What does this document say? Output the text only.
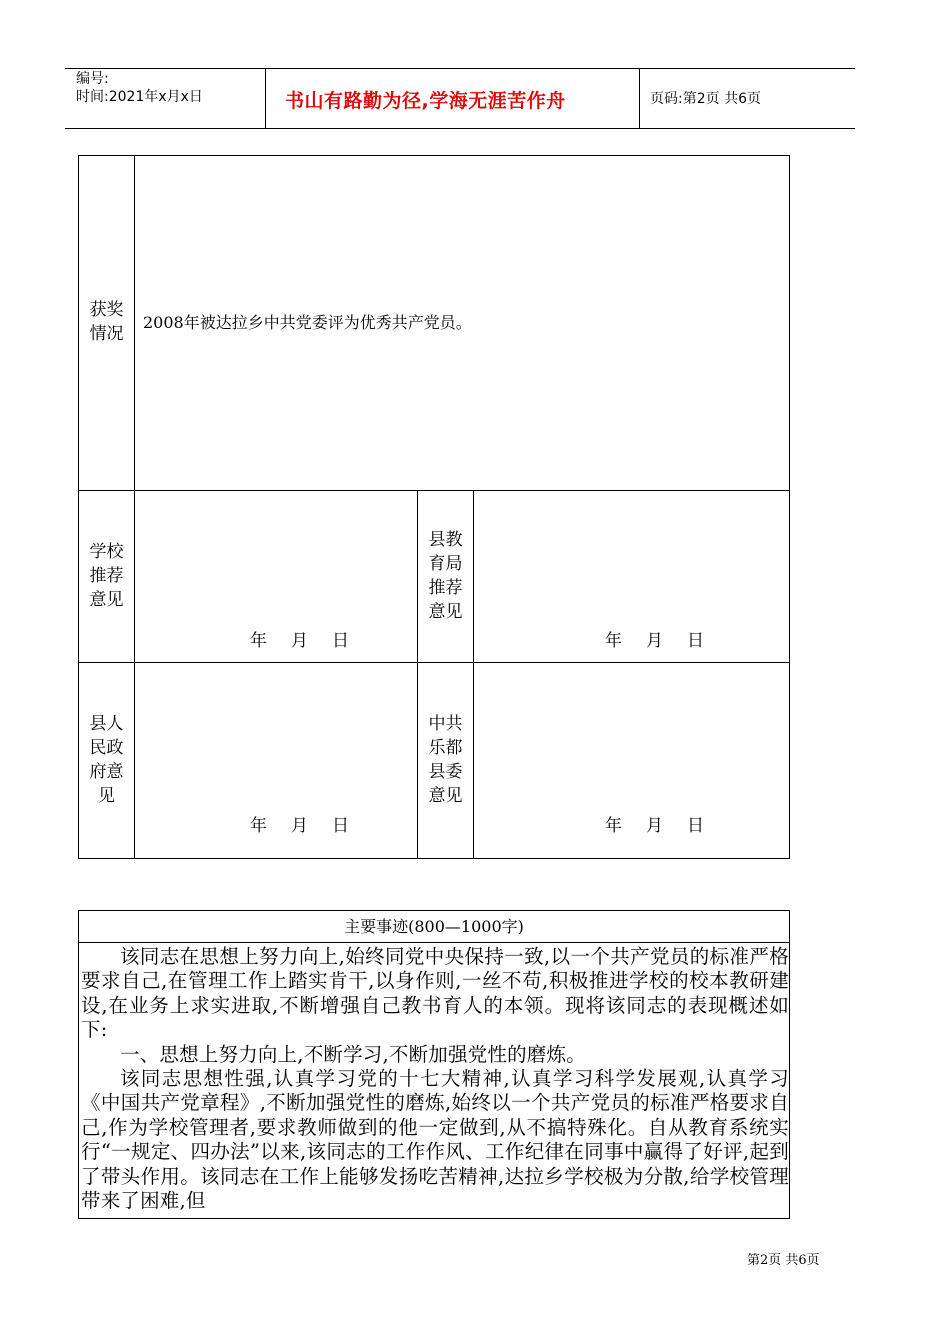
编号:
时间:2021年x月x日	书山有路勤为径,学海无涯苦作舟	页码:第2页 共6页
获奖
情况
2008年被达拉乡中共党委评为优秀共产党员。
学校
推荐
意见
年 月 日
县教
育局
推荐
意见
年 月 日
县人
民政
府意
见
年 月 日
中共
乐都
县委
意见
年 月 日
主要事迹(800—1000字)

该同志在思想上努力向上,始终同党中央保持一致,以一个共产党员的标准严格要求自己,在管理工作上踏实肯干,以身作则,一丝不苟,积极推进学校的校本教研建设,在业务上求实进取,不断增强自己教书育人的本领。现将该同志的表现概述如下:

一、思想上努力向上,不断学习,不断加强党性的磨炼。

该同志思想性强,认真学习党的十七大精神,认真学习科学发展观,认真学习《中国共产党章程》,不断加强党性的磨炼,始终以一个共产党员的标准严格要求自己,作为学校管理者,要求教师做到的他一定做到,从不搞特殊化。自从教育系统实行“一规定、四办法”以来,该同志的工作作风、工作纪律在同事中赢得了好评,起到了带头作用。该同志在工作上能够发扬吃苦精神,达拉乡学校极为分散,给学校管理带来了困难,但

第2页 共6页
